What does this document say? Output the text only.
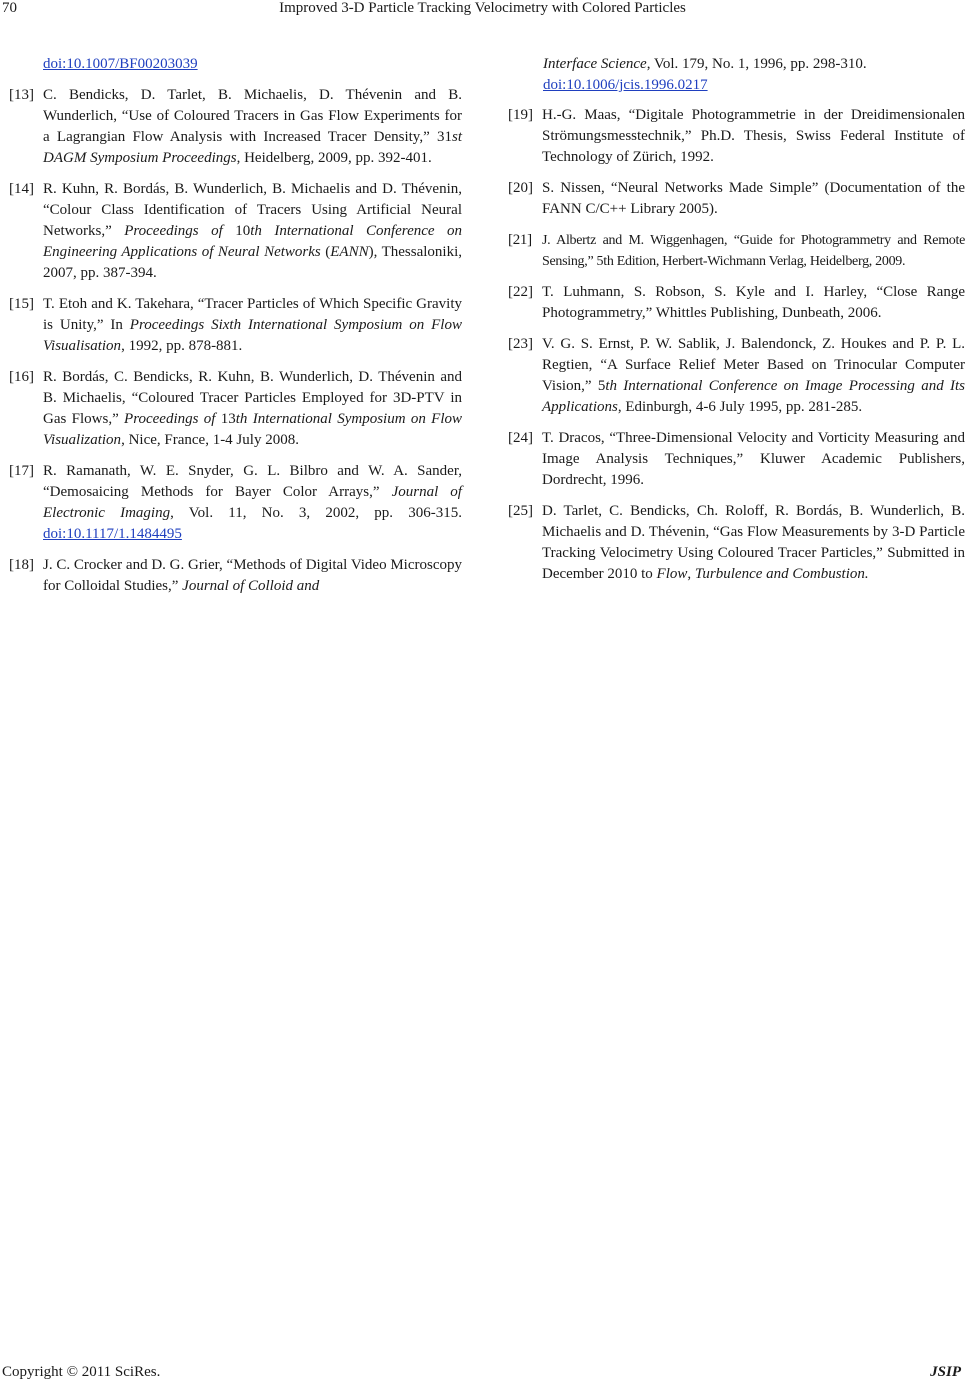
70	Improved 3-D Particle Tracking Velocimetry with Colored Particles
doi:10.1007/BF00203039
[13] C. Bendicks, D. Tarlet, B. Michaelis, D. Thévenin and B. Wunderlich, “Use of Coloured Tracers in Gas Flow Experiments for a Lagrangian Flow Analysis with Increased Tracer Density,” 31st DAGM Symposium Proceedings, Heidelberg, 2009, pp. 392-401.
[14] R. Kuhn, R. Bordás, B. Wunderlich, B. Michaelis and D. Thévenin, “Colour Class Identification of Tracers Using Artificial Neural Networks,” Proceedings of 10th International Conference on Engineering Applications of Neural Networks (EANN), Thessaloniki, 2007, pp. 387-394.
[15] T. Etoh and K. Takehara, “Tracer Particles of Which Specific Gravity is Unity,” In Proceedings Sixth International Symposium on Flow Visualisation, 1992, pp. 878-881.
[16] R. Bordás, C. Bendicks, R. Kuhn, B. Wunderlich, D. Thévenin and B. Michaelis, “Coloured Tracer Particles Employed for 3D-PTV in Gas Flows,” Proceedings of 13th International Symposium on Flow Visualization, Nice, France, 1-4 July 2008.
[17] R. Ramanath, W. E. Snyder, G. L. Bilbro and W. A. Sander, “Demosaicing Methods for Bayer Color Arrays,” Journal of Electronic Imaging, Vol. 11, No. 3, 2002, pp. 306-315. doi:10.1117/1.1484495
[18] J. C. Crocker and D. G. Grier, “Methods of Digital Video Microscopy for Colloidal Studies,” Journal of Colloid and
Interface Science, Vol. 179, No. 1, 1996, pp. 298-310.
doi:10.1006/jcis.1996.0217
[19] H.-G. Maas, “Digitale Photogrammetrie in der Dreidimensionalen Strömungsmesstechnik,” Ph.D. Thesis, Swiss Federal Institute of Technology of Zürich, 1992.
[20] S. Nissen, “Neural Networks Made Simple” (Documentation of the FANN C/C++ Library 2005).
[21] J. Albertz and M. Wiggenhagen, “Guide for Photogrammetry and Remote Sensing,” 5th Edition, Herbert-Wichmann Verlag, Heidelberg, 2009.
[22] T. Luhmann, S. Robson, S. Kyle and I. Harley, “Close Range Photogrammetry,” Whittles Publishing, Dunbeath, 2006.
[23] V. G. S. Ernst, P. W. Sablik, J. Balendonck, Z. Houkes and P. P. L. Regtien, “A Surface Relief Meter Based on Trinocular Computer Vision,” 5th International Conference on Image Processing and Its Applications, Edinburgh, 4-6 July 1995, pp. 281-285.
[24] T. Dracos, “Three-Dimensional Velocity and Vorticity Measuring and Image Analysis Techniques,” Kluwer Academic Publishers, Dordrecht, 1996.
[25] D. Tarlet, C. Bendicks, Ch. Roloff, R. Bordás, B. Wunderlich, B. Michaelis and D. Thévenin, “Gas Flow Measurements by 3-D Particle Tracking Velocimetry Using Coloured Tracer Particles,” Submitted in December 2010 to Flow, Turbulence and Combustion.
Copyright © 2011 SciRes.	JSIP
